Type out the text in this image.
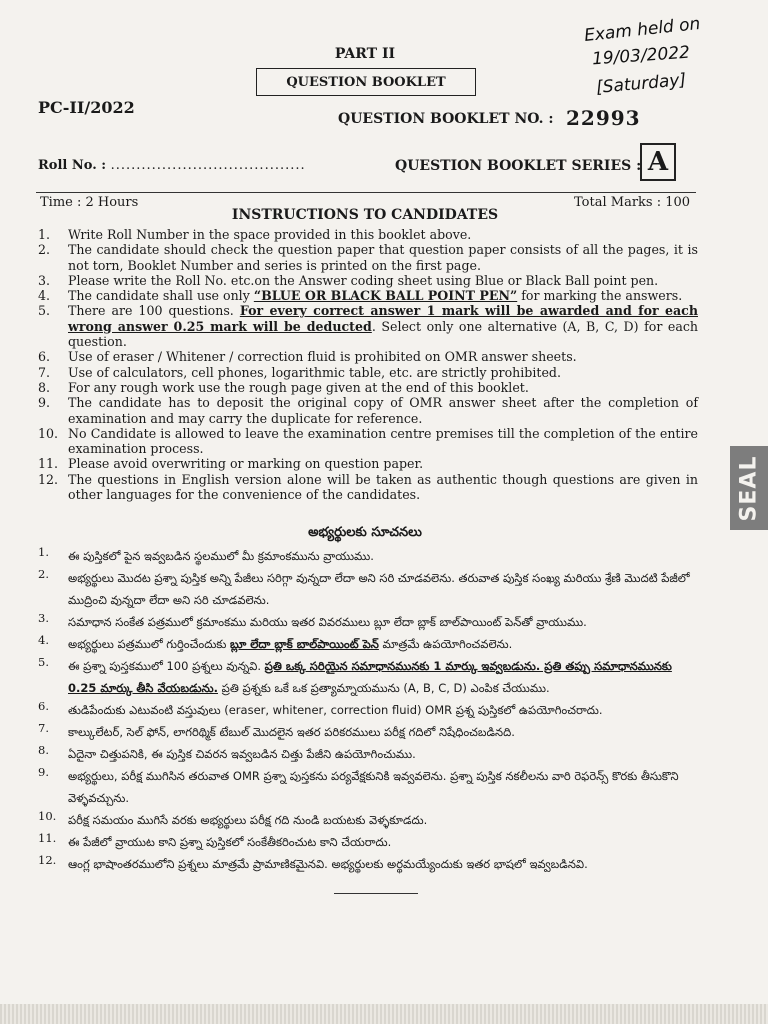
Exam held on
19/03/2022
[Saturday]
PART II
QUESTION BOOKLET
PC-II/2022
QUESTION BOOKLET NO. : 22993
Roll No. : ......................................	QUESTION BOOKLET SERIES : A
Time : 2 Hours	Total Marks : 100
INSTRUCTIONS TO CANDIDATES
1.	Write Roll Number in the space provided in this booklet above.
2.	The candidate should check the question paper that question paper consists of all the pages, it is not torn, Booklet Number and series is printed on the first page.
3.	Please write the Roll No. etc.on the Answer coding sheet using Blue or Black Ball point pen.
4.	The candidate shall use only “BLUE OR BLACK BALL POINT PEN” for marking the answers.
5.	There are 100 questions. For every correct answer 1 mark will be awarded and for each wrong answer 0.25 mark will be deducted. Select only one alternative (A, B, C, D) for each question.
6.	Use of eraser / Whitener / correction fluid is prohibited on OMR answer sheets.
7.	Use of calculators, cell phones, logarithmic table, etc. are strictly prohibited.
8.	For any rough work use the rough page given at the end of this booklet.
9.	The candidate has to deposit the original copy of OMR answer sheet after the completion of examination and may carry the duplicate for reference.
10. No Candidate is allowed to leave the examination centre premises till the completion of the entire examination process.
11. Please avoid overwriting or marking on question paper.
12. The questions in English version alone will be taken as authentic though questions are given in other languages for the convenience of the candidates.
అభ్యర్థులకు సూచనలు
1.	ఈ పుస్తికలో పైన ఇవ్వబడిన స్థలములో మీ క్రమాంకమును వ్రాయుము.
2.	అభ్యర్థులు మొదట ప్రశ్నా పుస్తిక అన్ని పేజీలు సరిగ్గా వున్నదా లేదా అని సరి చూడవలెను. తరువాత పుస్తిక సంఖ్య మరియు శ్రేణి మొదటి పేజీలో ముద్రించి వున్నదా లేదా అని సరి చూడవలెను.
3.	సమాధాన సంకేత పత్రములో క్రమాంకము మరియు ఇతర వివరములు బ్లూ లేదా బ్లాక్ బాల్‌పాయింట్ పెన్‌తో వ్రాయుము.
4.	అభ్యర్థులు పత్రములో గుర్తించేందుకు బ్లూ లేదా బ్లాక్ బాల్‌పాయింట్ పెన్ మాత్రమే ఉపయోగించవలెను.
5.	ఈ ప్రశ్నా పుస్తకములో 100 ప్రశ్నలు వున్నవి. ప్రతి ఒక్క సరియైన సమాధానమునకు 1 మార్కు ఇవ్వబడును. ప్రతి తప్పు సమాధానమునకు 0.25 మార్కు తీసి వేయబడును. ప్రతి ప్రశ్నకు ఒకే ఒక ప్రత్యామ్నాయమును (A, B, C, D) ఎంపిక చేయుము.
6.	తుడిపేందుకు ఎటువంటి వస్తువులు (eraser, whitener, correction fluid) OMR ప్రశ్న పుస్తికలో ఉపయోగించరాదు.
7.	కాల్కులేటర్, సెల్ ఫోన్, లాగరిథ్మిక్ టేబుల్ మొదలైన ఇతర పరికరములు పరీక్ష గదిలో నిషేధించబడినది.
8.	ఏదైనా చిత్తుపనికి, ఈ పుస్తిక చివరన ఇవ్వబడిన చిత్తు పేజీని ఉపయోగించుము.
9.	అభ్యర్థులు, పరీక్ష ముగిసిన తరువాత OMR ప్రశ్నా పుస్తకను పర్యవేక్షకునికి ఇవ్వవలెను. ప్రశ్నా పుస్తిక నకలీలను వారి రెఫరెన్స్ కొరకు తీసుకొని వెళ్ళవచ్చును.
10.	పరీక్ష సమయం ముగిసే వరకు అభ్యర్థులు పరీక్ష గది నుండి బయటకు వెళ్ళకూడదు.
11.	ఈ పేజీలో వ్రాయుట కాని ప్రశ్నా పుస్తికలో సంకేతీకరించుట కాని చేయరాదు.
12.	ఆంగ్ల భాషాంతరములోని ప్రశ్నలు మాత్రమే ప్రామాణికమైనవి. అభ్యర్థులకు అర్థమయ్యేందుకు ఇతర భాషలో ఇవ్వబడినవి.
SEAL
